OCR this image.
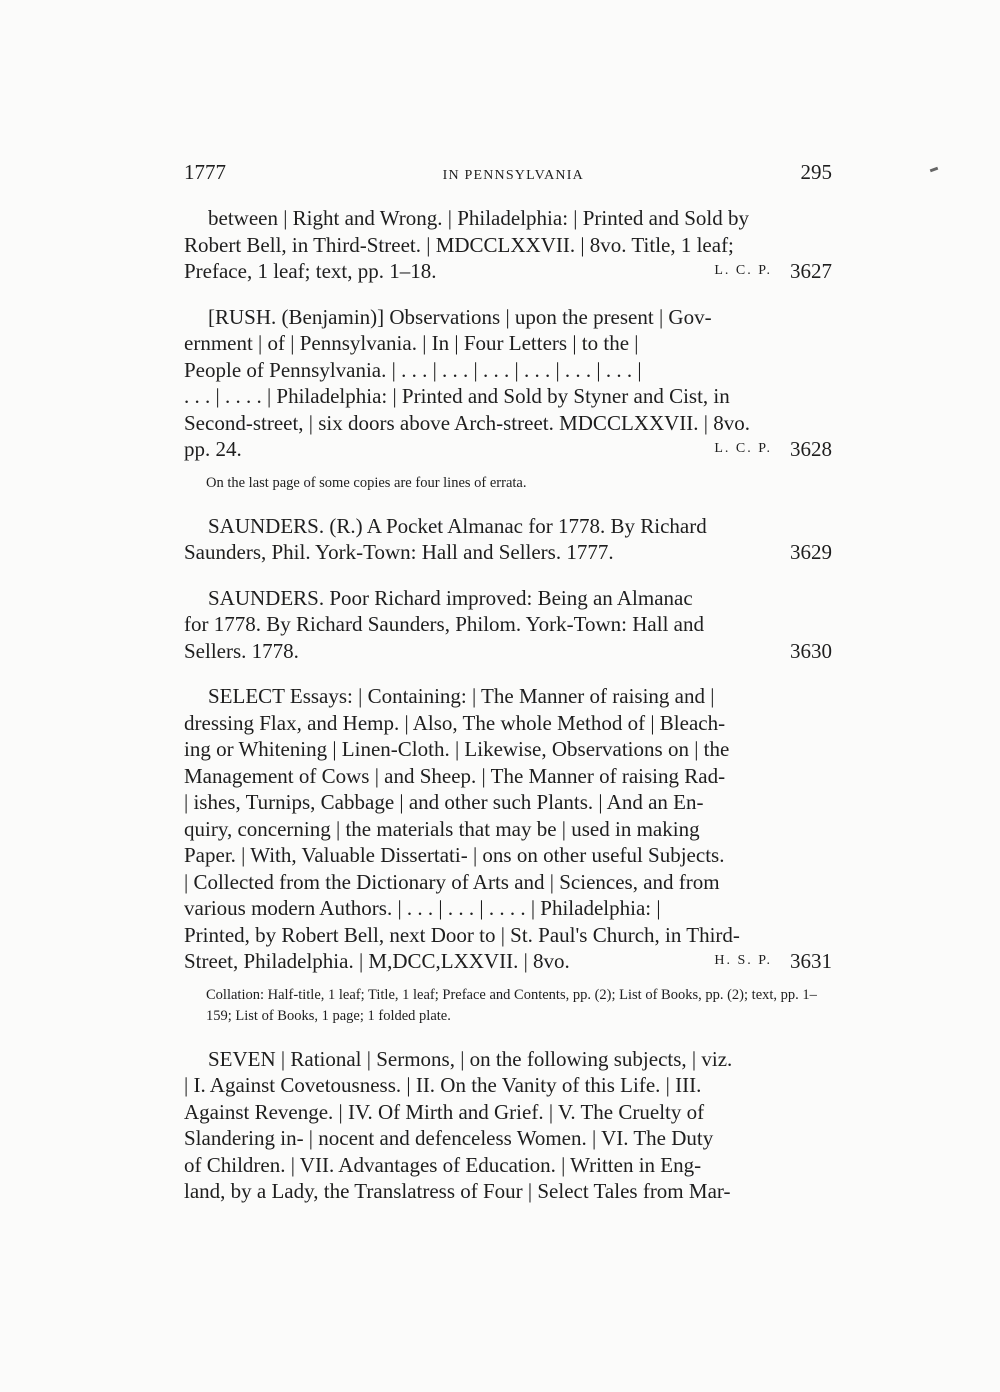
1777	IN PENNSYLVANIA	295
between | Right and Wrong. | Philadelphia: | Printed and Sold by
Robert Bell, in Third-Street. | MDCCLXXVII. | 8vo. Title, 1 leaf;
Preface, 1 leaf; text, pp. 1–18.	L. C. P. 3627
[RUSH. (Benjamin)] Observations | upon the present | Gov-
ernment | of | Pennsylvania. | In | Four Letters | to the |
People of Pennsylvania. | . . . | . . . | . . . | . . . | . . . | . . . |
. . . | . . . . | Philadelphia: | Printed and Sold by Styner and Cist, in
Second-street, | six doors above Arch-street. MDCCLXXVII. | 8vo.
pp. 24.	L. C. P. 3628
On the last page of some copies are four lines of errata.
SAUNDERS. (R.) A Pocket Almanac for 1778. By Richard
Saunders, Phil. York-Town: Hall and Sellers. 1777.	3629
SAUNDERS. Poor Richard improved: Being an Almanac
for 1778. By Richard Saunders, Philom. York-Town: Hall and
Sellers. 1778.	3630
SELECT Essays: | Containing: | The Manner of raising and |
dressing Flax, and Hemp. | Also, The whole Method of | Bleach-
ing or Whitening | Linen-Cloth. | Likewise, Observations on | the
Management of Cows | and Sheep. | The Manner of raising Rad-
| ishes, Turnips, Cabbage | and other such Plants. | And an En-
quiry, concerning | the materials that may be | used in making
Paper. | With, Valuable Dissertati- | ons on other useful Subjects.
| Collected from the Dictionary of Arts and | Sciences, and from
various modern Authors. | . . . | . . . | . . . . | Philadelphia: |
Printed, by Robert Bell, next Door to | St. Paul's Church, in Third-
Street, Philadelphia. | M,DCC,LXXVII. | 8vo.	H. S. P. 3631
Collation: Half-title, 1 leaf; Title, 1 leaf; Preface and Contents, pp. (2); List of Books, pp. (2); text, pp. 1–159; List of Books, 1 page; 1 folded plate.
SEVEN | Rational | Sermons, | on the following subjects, | viz.
| I. Against Covetousness. | II. On the Vanity of this Life. | III.
Against Revenge. | IV. Of Mirth and Grief. | V. The Cruelty of
Slandering in- | nocent and defenceless Women. | VI. The Duty
of Children. | VII. Advantages of Education. | Written in Eng-
land, by a Lady, the Translatress of Four | Select Tales from Mar-
